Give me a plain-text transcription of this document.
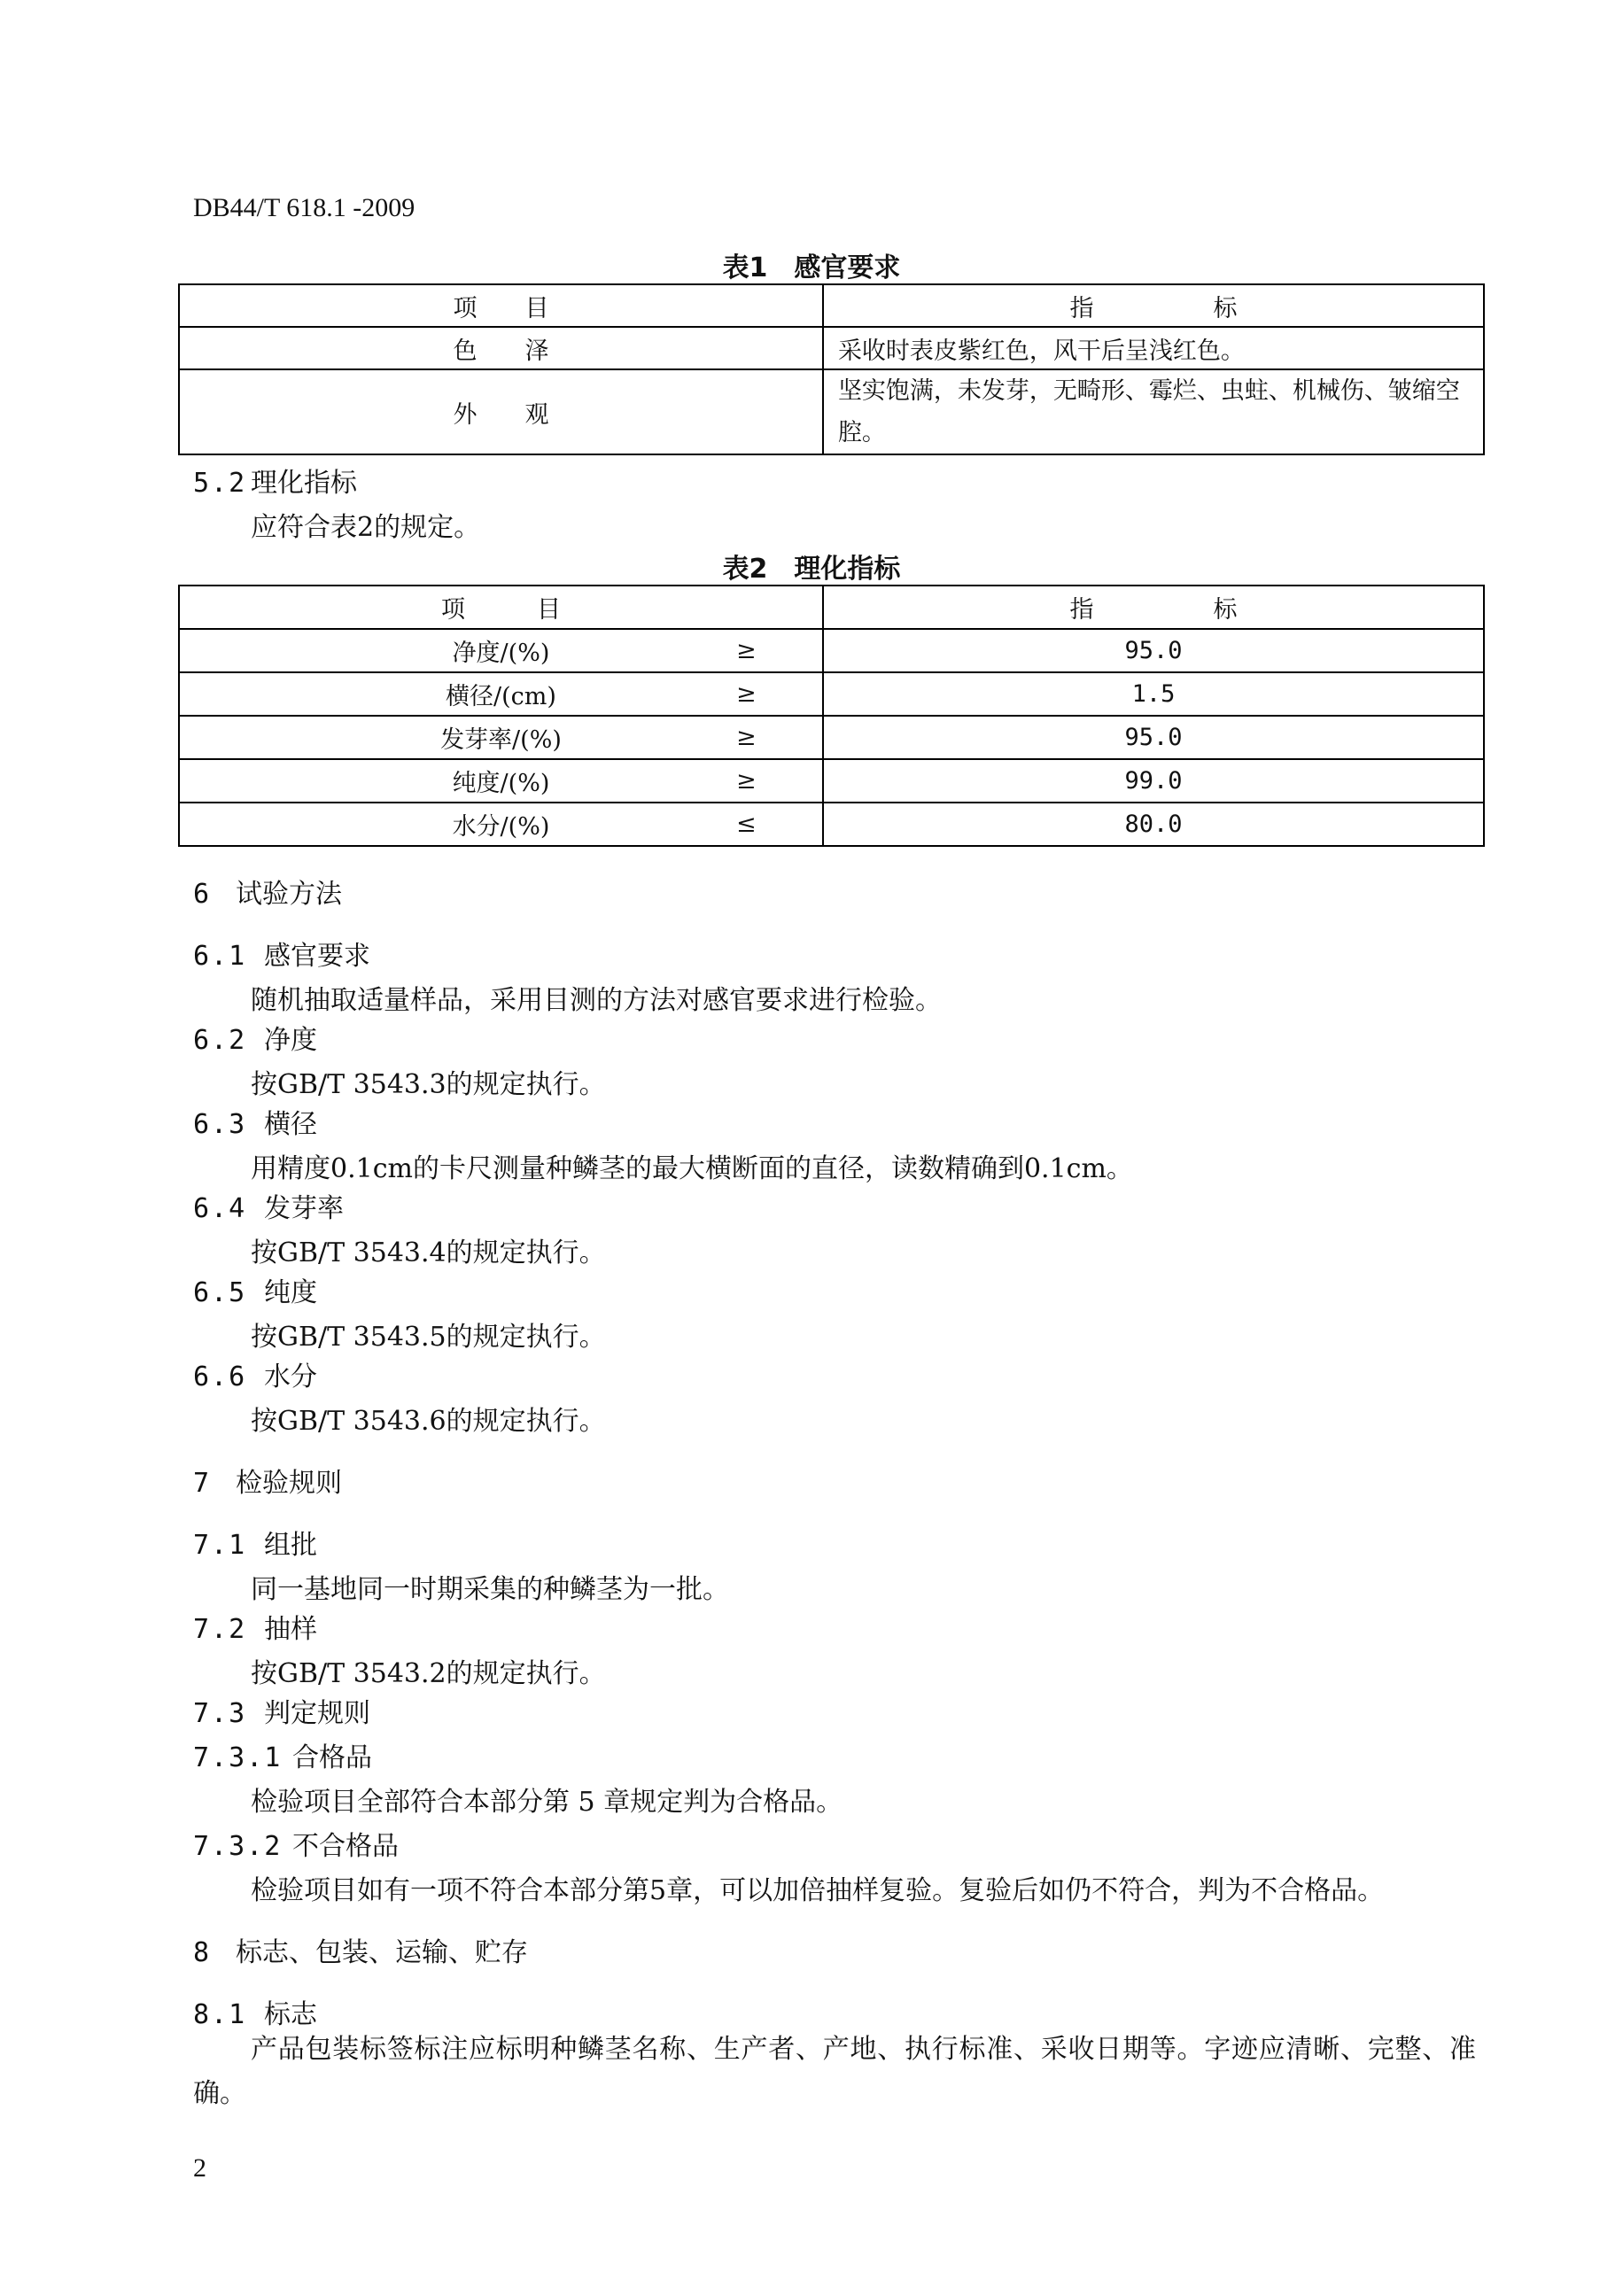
DB44/T 618.1 -2009
表1　感官要求
项　　目	指　　　　　标
色　　泽	采收时表皮紫红色，风干后呈浅红色。
外　　观	坚实饱满，未发芽，无畸形、霉烂、虫蛀、机械伤、皱缩空腔。
5.2 理化指标
应符合表2的规定。
表2　理化指标
项　　　目	指　　　　　标

净度/(%) ≥	95.0

横径/(cm) ≥	1.5

发芽率/(%) ≥	95.0

纯度/(%) ≥	99.0

水分/(%) ≤	80.0
6 试验方法
6.1 感官要求
随机抽取适量样品，采用目测的方法对感官要求进行检验。
6.2 净度
按GB/T 3543.3的规定执行。
6.3 横径
用精度0.1cm的卡尺测量种鳞茎的最大横断面的直径，读数精确到0.1cm。
6.4 发芽率
按GB/T 3543.4的规定执行。
6.5 纯度
按GB/T 3543.5的规定执行。
6.6 水分
按GB/T 3543.6的规定执行。
7 检验规则
7.1 组批
同一基地同一时期采集的种鳞茎为一批。
7.2 抽样
按GB/T 3543.2的规定执行。
7.3 判定规则
7.3.1 合格品
检验项目全部符合本部分第 5 章规定判为合格品。
7.3.2 不合格品
检验项目如有一项不符合本部分第5章，可以加倍抽样复验。复验后如仍不符合，判为不合格品。
8 标志、包装、运输、贮存
8.1 标志
产品包装标签标注应标明种鳞茎名称、生产者、产地、执行标准、采收日期等。字迹应清晰、完整、准确。
2
